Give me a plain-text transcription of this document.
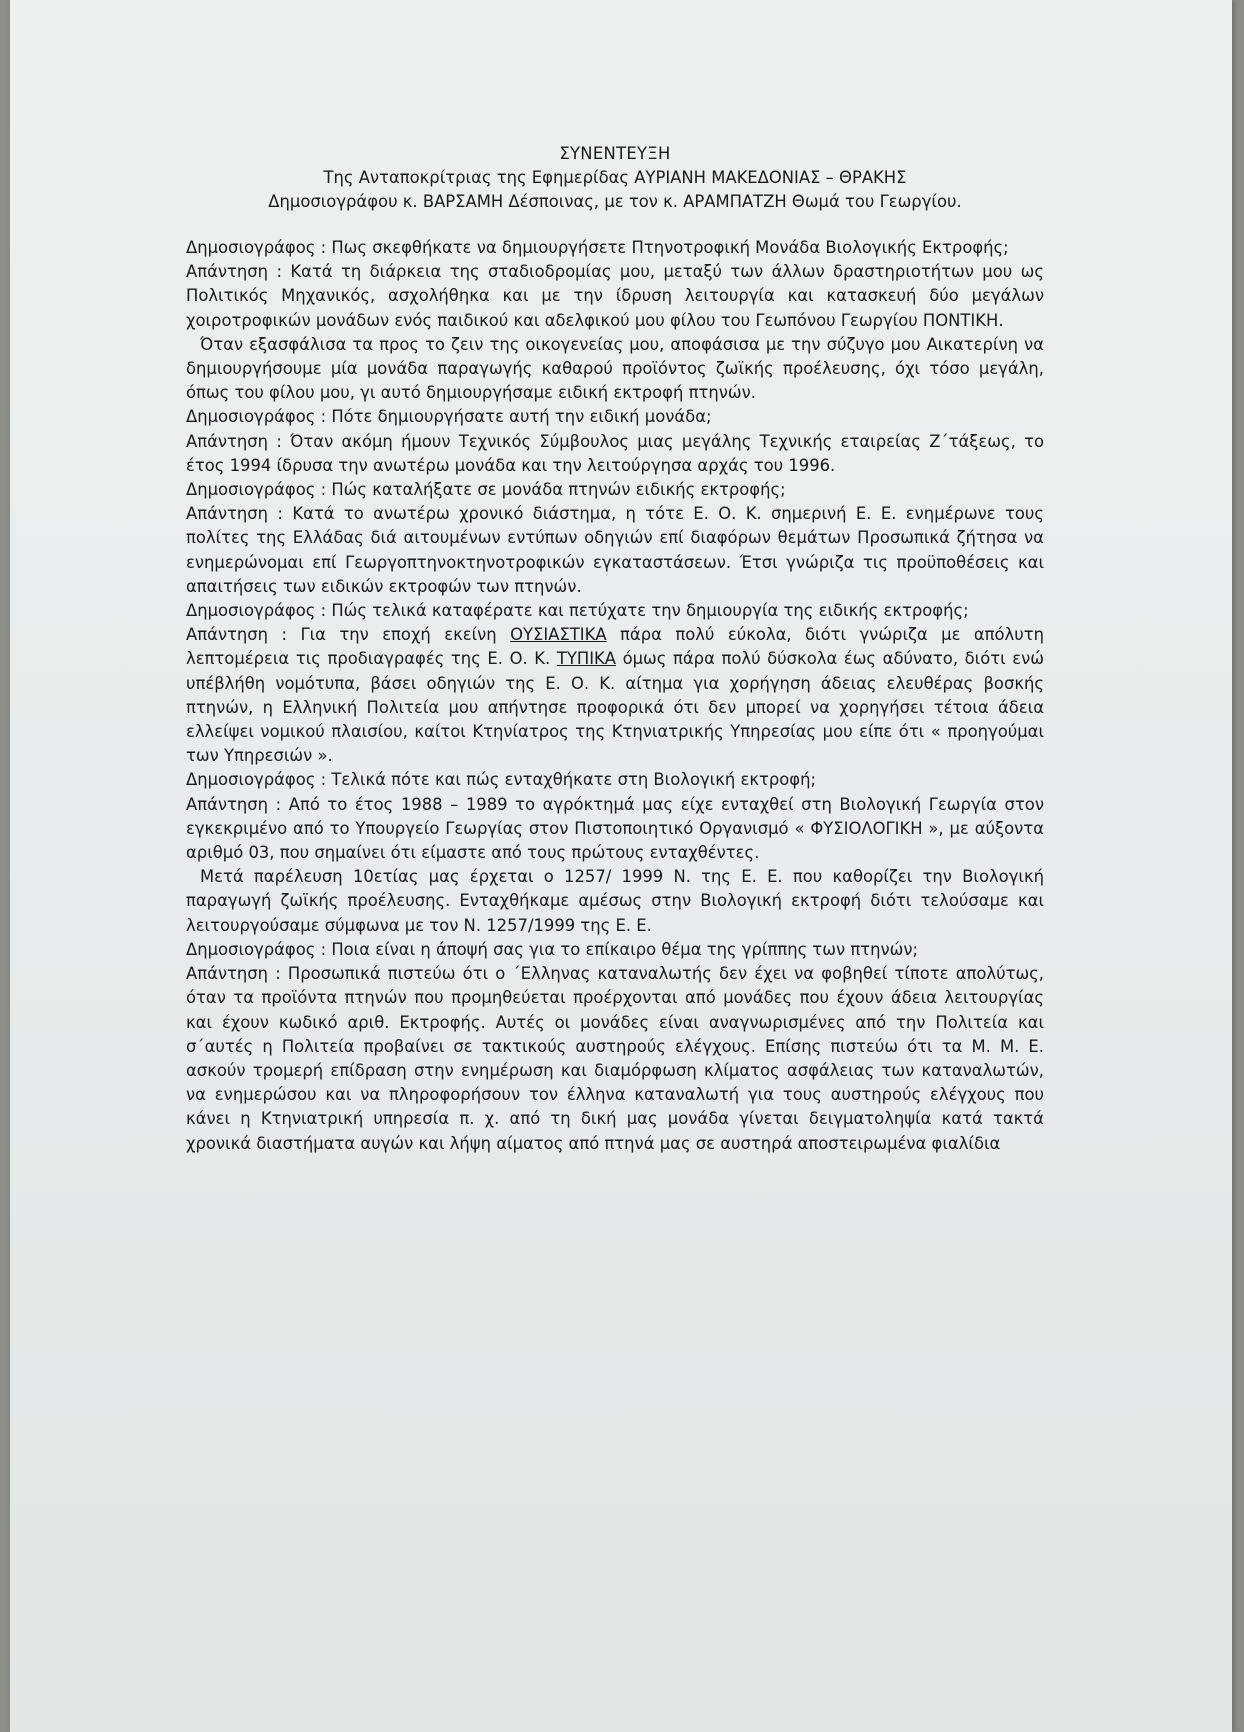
ΣΥΝΕΝΤΕΥΞΗ
Της Ανταποκρίτριας της Εφημερίδας ΑΥΡΙΑΝΗ ΜΑΚΕΔΟΝΙΑΣ – ΘΡΑΚΗΣ
Δημοσιογράφου κ. ΒΑΡΣΑΜΗ Δέσποινας, με τον κ. ΑΡΑΜΠΑΤΖΗ Θωμά του Γεωργίου.

Δημοσιογράφος : Πως σκεφθήκατε να δημιουργήσετε Πτηνοτροφική Μονάδα Βιολογικής Εκτροφής;

Απάντηση : Κατά τη διάρκεια της σταδιοδρομίας μου, μεταξύ των άλλων δραστηριοτήτων μου ως Πολιτικός Μηχανικός, ασχολήθηκα και με την ίδρυση λειτουργία και κατασκευή δύο μεγάλων χοιροτροφικών μονάδων ενός παιδικού και αδελφικού μου φίλου του Γεωπόνου Γεωργίου ΠΟΝΤΙΚΗ.

Όταν εξασφάλισα τα προς το ζειν της οικογενείας μου, αποφάσισα με την σύζυγο μου Αικατερίνη να δημιουργήσουμε μία μονάδα παραγωγής καθαρού προϊόντος ζωϊκής προέλευσης, όχι τόσο μεγάλη, όπως του φίλου μου, γι αυτό δημιουργήσαμε ειδική εκτροφή πτηνών.

Δημοσιογράφος : Πότε δημιουργήσατε αυτή την ειδική μονάδα;

Απάντηση : Όταν ακόμη ήμουν Τεχνικός Σύμβουλος μιας μεγάλης Τεχνικής εταιρείας Ζ΄τάξεως, το έτος 1994 ίδρυσα την ανωτέρω μονάδα και την λειτούργησα αρχάς του 1996.

Δημοσιογράφος : Πώς καταλήξατε σε μονάδα πτηνών ειδικής εκτροφής;

Απάντηση : Κατά το ανωτέρω χρονικό διάστημα, η τότε Ε. Ο. Κ. σημερινή Ε. Ε. ενημέρωνε τους πολίτες της Ελλάδας διά αιτουμένων εντύπων οδηγιών επί διαφόρων θεμάτων Προσωπικά ζήτησα να ενημερώνομαι επί Γεωργοπτηνοκτηνοτροφικών εγκαταστάσεων. Έτσι γνώριζα τις προϋποθέσεις και απαιτήσεις των ειδικών εκτροφών των πτηνών.

Δημοσιογράφος : Πώς τελικά καταφέρατε και πετύχατε την δημιουργία της ειδικής εκτροφής;

Απάντηση : Για την εποχή εκείνη ΟΥΣΙΑΣΤΙΚΑ πάρα πολύ εύκολα, διότι γνώριζα με απόλυτη λεπτομέρεια τις προδιαγραφές της Ε. Ο. Κ. ΤΥΠΙΚΑ όμως πάρα πολύ δύσκολα έως αδύνατο, διότι ενώ υπέβλήθη νομότυπα, βάσει οδηγιών της Ε. Ο. Κ. αίτημα για χορήγηση άδειας ελευθέρας βοσκής πτηνών, η Ελληνική Πολιτεία μου απήντησε προφορικά ότι δεν μπορεί να χορηγήσει τέτοια άδεια ελλείψει νομικού πλαισίου, καίτοι Κτηνίατρος της Κτηνιατρικής Υπηρεσίας μου είπε ότι « προηγούμαι των Υπηρεσιών ».

Δημοσιογράφος : Τελικά πότε και πώς ενταχθήκατε στη Βιολογική εκτροφή;

Απάντηση : Από το έτος 1988 – 1989 το αγρόκτημά μας είχε ενταχθεί στη Βιολογική Γεωργία στον εγκεκριμένο από το Υπουργείο Γεωργίας στον Πιστοποιητικό Οργανισμό « ΦΥΣΙΟΛΟΓΙΚΗ », με αύξοντα αριθμό 03, που σημαίνει ότι είμαστε από τους πρώτους ενταχθέντες.

Μετά παρέλευση 10ετίας μας έρχεται ο 1257/ 1999 Ν. της Ε. Ε. που καθορίζει την Βιολογική παραγωγή ζωϊκής προέλευσης. Ενταχθήκαμε αμέσως στην Βιολογική εκτροφή διότι τελούσαμε και λειτουργούσαμε σύμφωνα με τον Ν. 1257/1999 της Ε. Ε.

Δημοσιογράφος : Ποια είναι η άποψή σας για το επίκαιρο θέμα της γρίππης των πτηνών;

Απάντηση : Προσωπικά πιστεύω ότι ο ΄Ελληνας καταναλωτής δεν έχει να φοβηθεί τίποτε απολύτως, όταν τα προϊόντα πτηνών που προμηθεύεται προέρχονται από μονάδες που έχουν άδεια λειτουργίας και έχουν κωδικό αριθ. Εκτροφής. Αυτές οι μονάδες είναι αναγνωρισμένες από την Πολιτεία και σ΄αυτές η Πολιτεία προβαίνει σε τακτικούς αυστηρούς ελέγχους. Επίσης πιστεύω ότι τα Μ. Μ. Ε. ασκούν τρομερή επίδραση στην ενημέρωση και διαμόρφωση κλίματος ασφάλειας των καταναλωτών, να ενημερώσου και να πληροφορήσουν τον έλληνα καταναλωτή για τους αυστηρούς ελέγχους που κάνει η Κτηνιατρική υπηρεσία π. χ. από τη δική μας μονάδα γίνεται δειγματοληψία κατά τακτά χρονικά διαστήματα αυγών και λήψη αίματος από πτηνά μας σε αυστηρά αποστειρωμένα φιαλίδια
